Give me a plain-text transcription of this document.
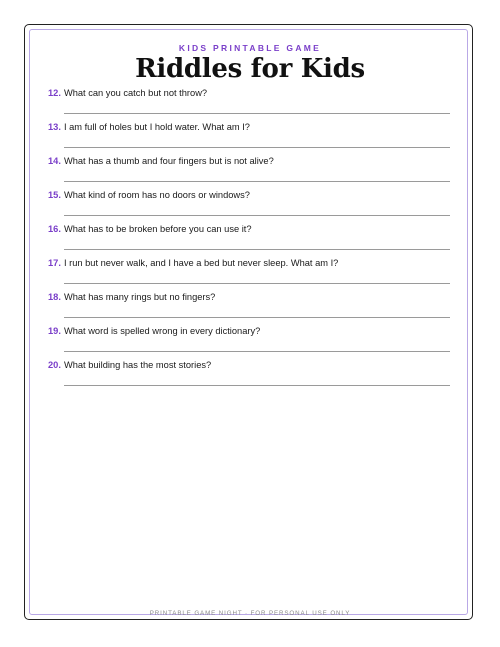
KIDS PRINTABLE GAME
Riddles for Kids
12. What can you catch but not throw?
13. I am full of holes but I hold water. What am I?
14. What has a thumb and four fingers but is not alive?
15. What kind of room has no doors or windows?
16. What has to be broken before you can use it?
17. I run but never walk, and I have a bed but never sleep. What am I?
18. What has many rings but no fingers?
19. What word is spelled wrong in every dictionary?
20. What building has the most stories?
PRINTABLE GAME NIGHT · FOR PERSONAL USE ONLY
